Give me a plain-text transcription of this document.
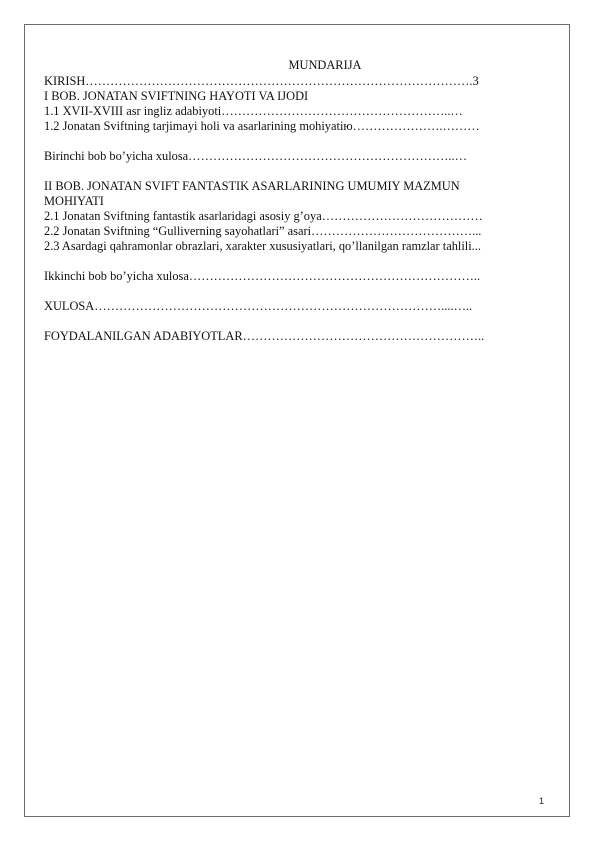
MUNDARIJA
KIRISH………………………………………………………………………………….3
I BOB. JONATAN SVIFTNING HAYOTI VA IJODI
1.1 XVII-XVIII asr ingliz adabiyoti………………………………………………..…
1.2 Jonatan Sviftning tarjimayi holi va asarlarining mohiyatiю………………….………
Birinchi bob bo’yicha xulosa………………………………………………………..…
II BOB. JONATAN SVIFT FANTASTIK ASARLARINING UMUMIY MAZMUN
MOHIYATI
2.1 Jonatan Sviftning fantastik asarlaridagi asosiy g’oya…………………………………
2.2 Jonatan Sviftning “Gulliverning sayohatlari” asari…………………………………...
2.3 Asardagi qahramonlar obrazlari, xarakter xususiyatlari, qo’llanilgan ramzlar tahlili...
Ikkinchi bob bo’yicha xulosa……………………………………………………………..
XULOSA…………………………………………………………………………....…..
FOYDALANILGAN ADABIYOTLAR…………………………………………………..
1
